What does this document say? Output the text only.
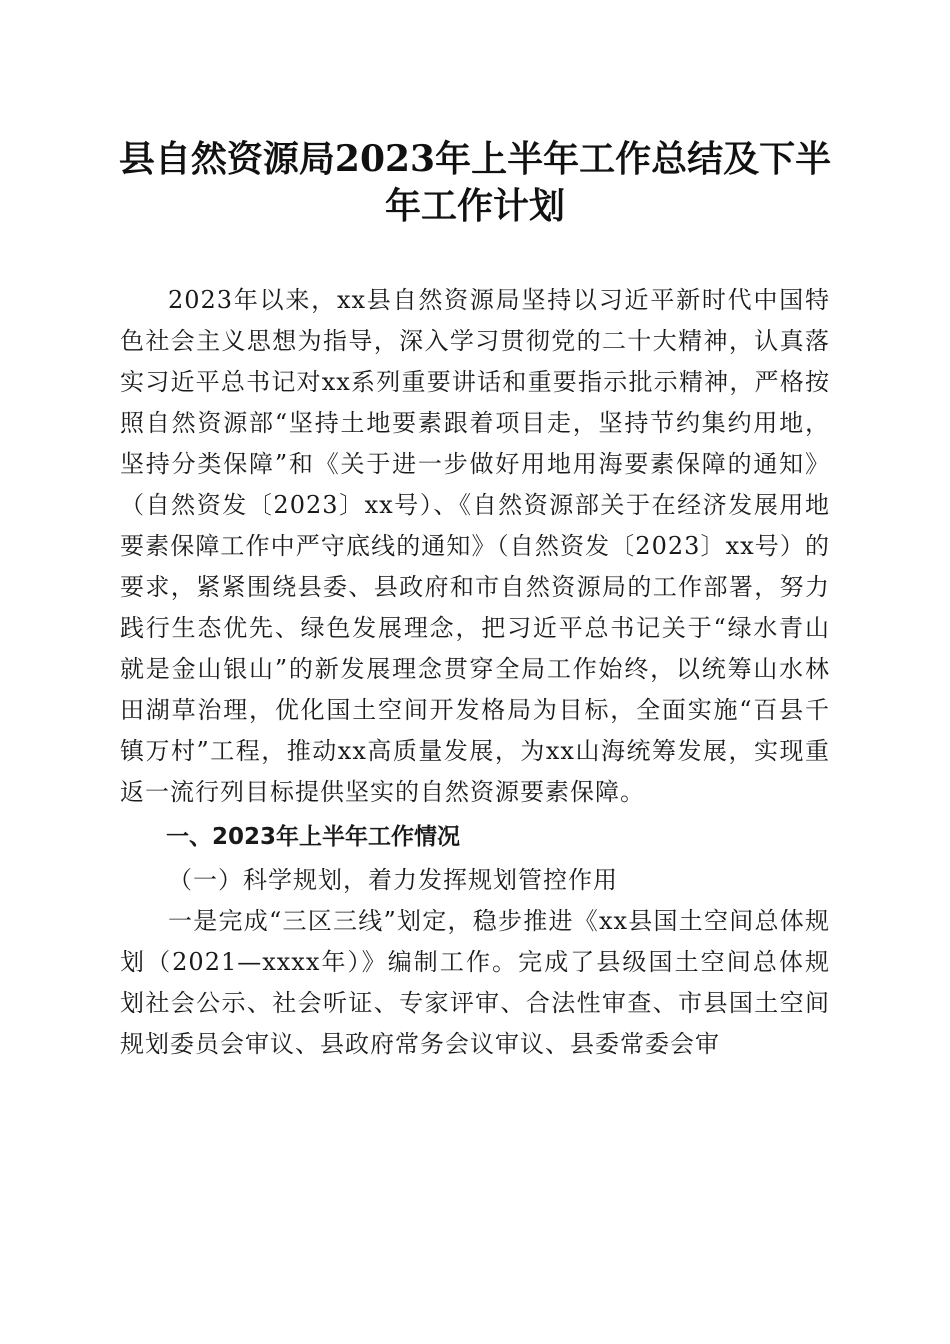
县自然资源局2023年上半年工作总结及下半
年工作计划

2023年以来，xx县自然资源局坚持以习近平新时代中国特色社会主义思想为指导，深入学习贯彻党的二十大精神，认真落实习近平总书记对xx系列重要讲话和重要指示批示精神，严格按照自然资源部“坚持土地要素跟着项目走，坚持节约集约用地，坚持分类保障”和《关于进一步做好用地用海要素保障的通知》（自然资发〔2023〕xx号）、《自然资源部关于在经济发展用地要素保障工作中严守底线的通知》（自然资发〔2023〕xx号）的要求，紧紧围绕县委、县政府和市自然资源局的工作部署，努力践行生态优先、绿色发展理念，把习近平总书记关于“绿水青山就是金山银山”的新发展理念贯穿全局工作始终，以统筹山水林田湖草治理，优化国土空间开发格局为目标，全面实施“百县千镇万村”工程，推动xx高质量发展，为xx山海统筹发展，实现重返一流行列目标提供坚实的自然资源要素保障。

一、2023年上半年工作情况

（一）科学规划，着力发挥规划管控作用

一是完成“三区三线”划定，稳步推进《xx县国土空间总体规划（2021—xxxx年）》编制工作。完成了县级国土空间总体规划社会公示、社会听证、专家评审、合法性审查、市县国土空间规划委员会审议、县政府常务会议审议、县委常委会审
